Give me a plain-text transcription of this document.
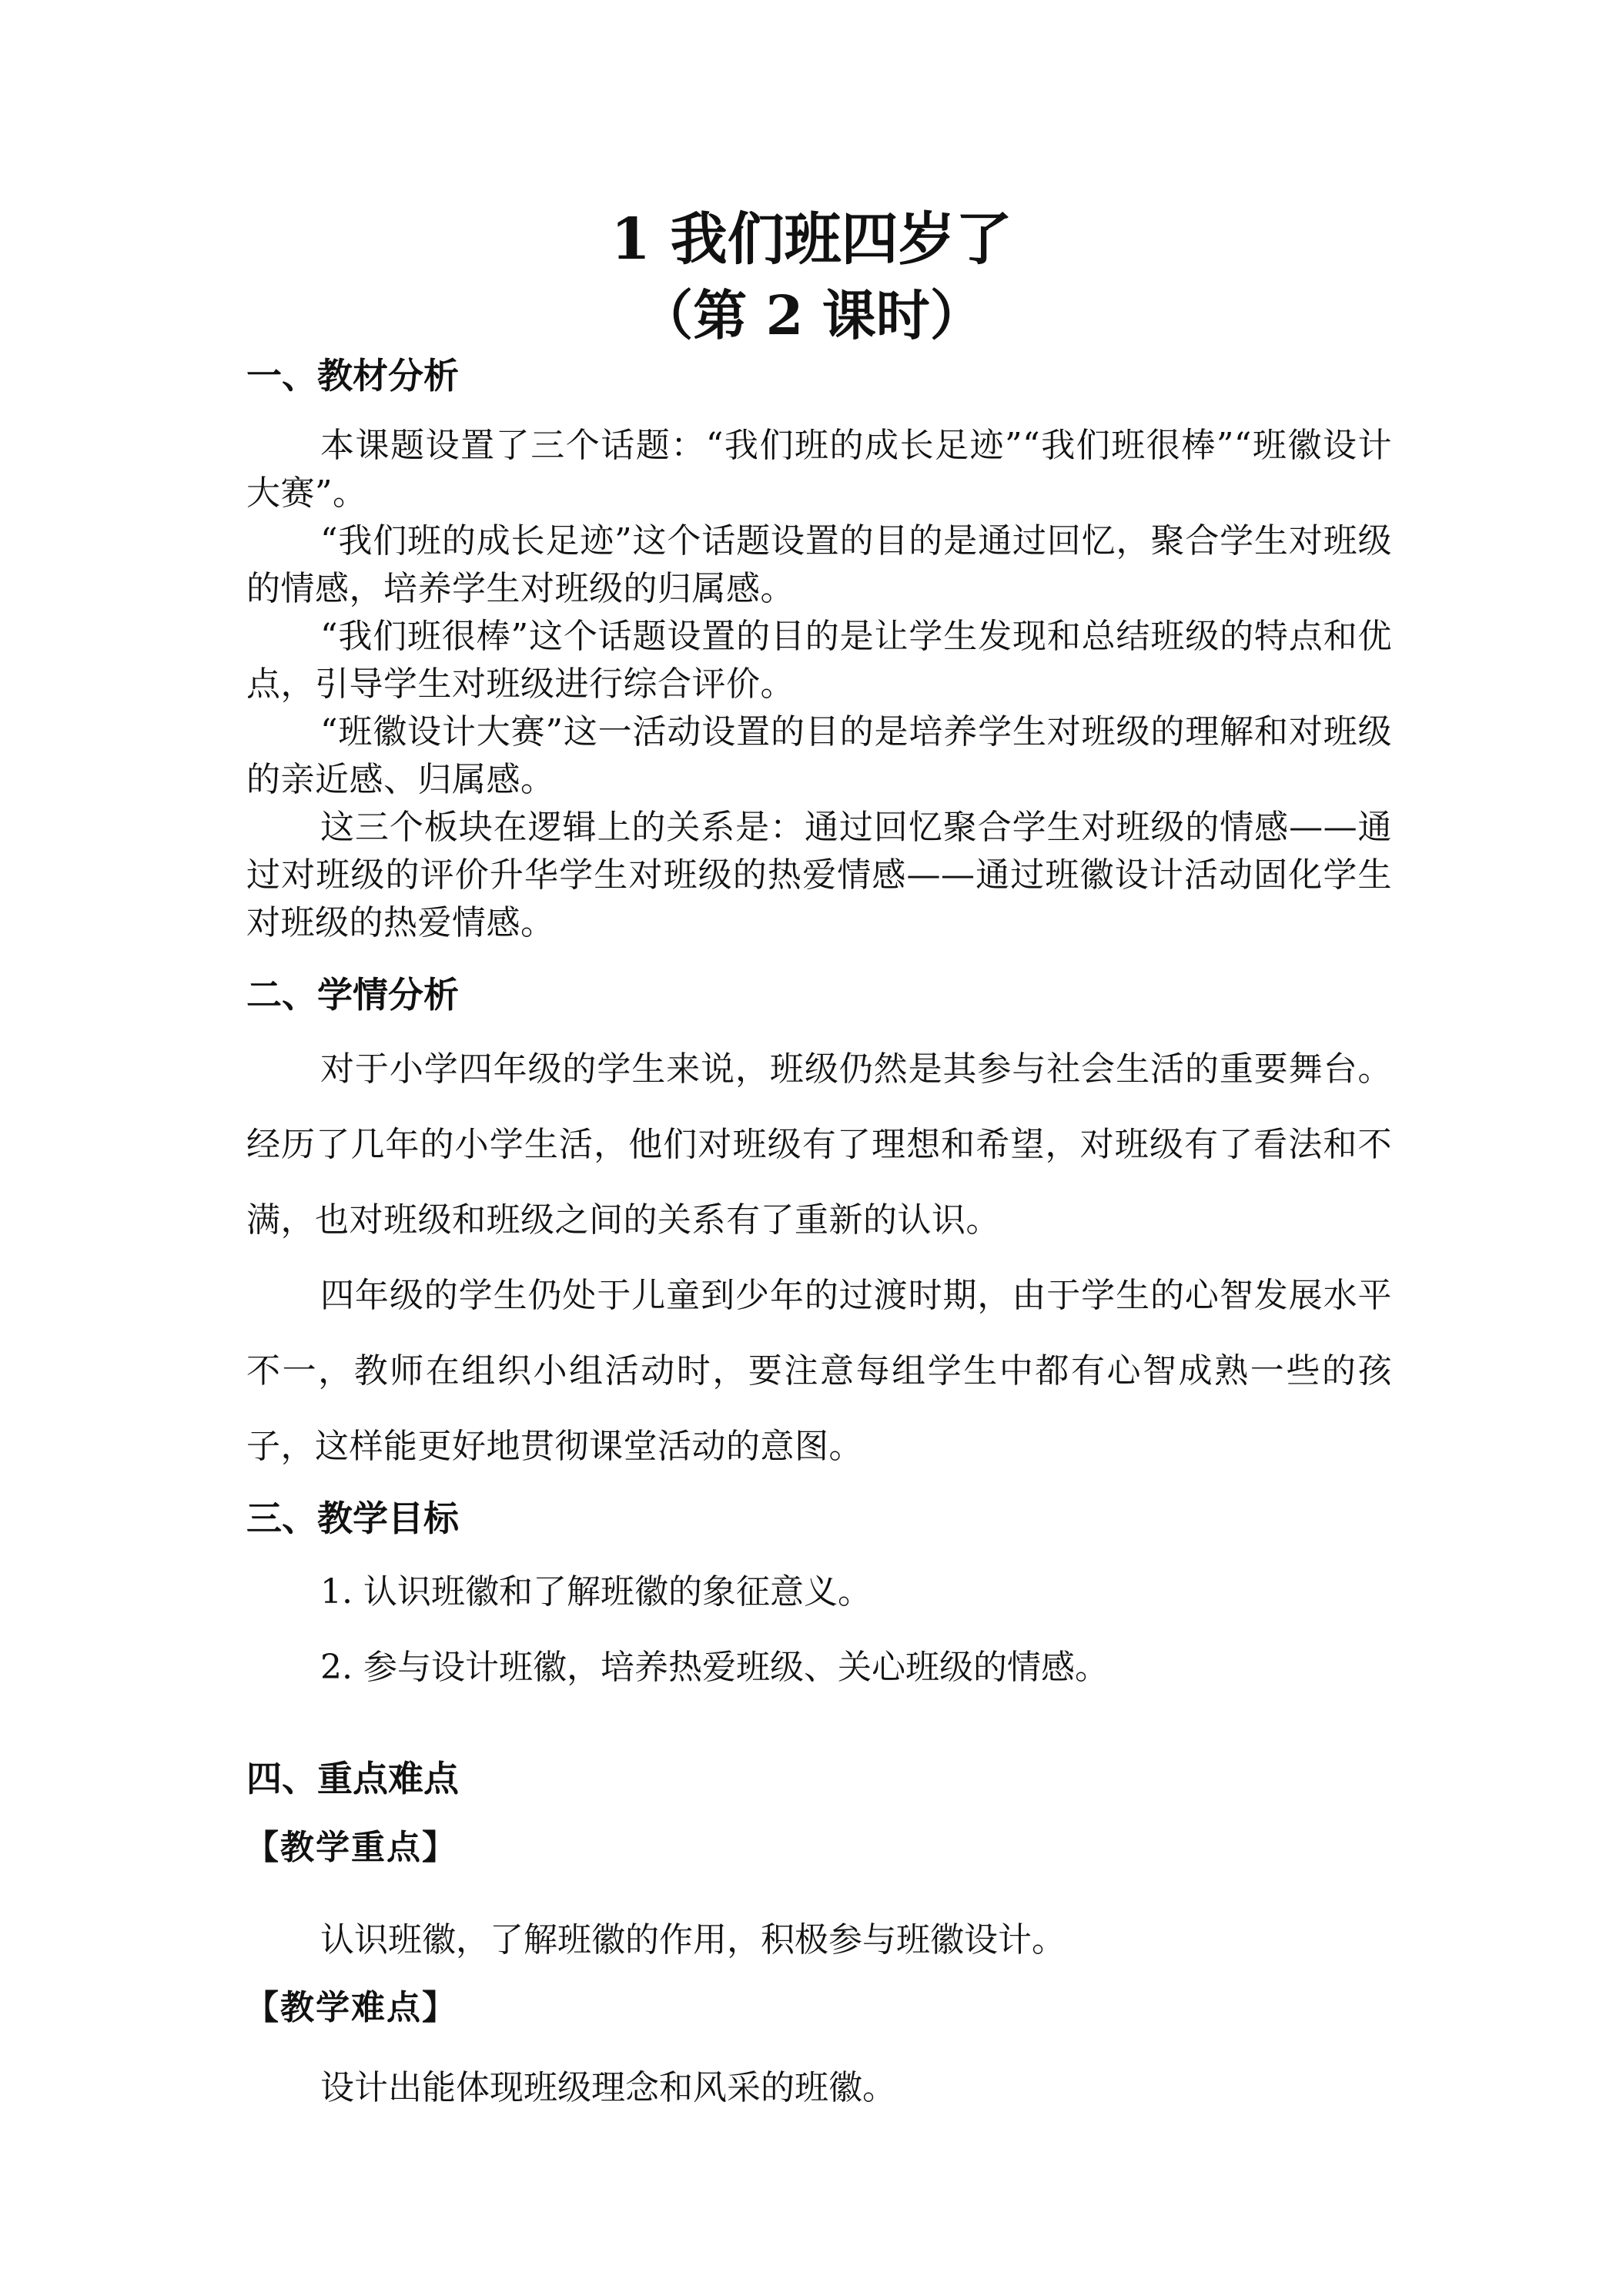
1 我们班四岁了
（第 2 课时）
一、教材分析

本课题设置了三个话题：“我们班的成长足迹”“我们班很棒”“班徽设计大赛”。

“我们班的成长足迹”这个话题设置的目的是通过回忆，聚合学生对班级的情感，培养学生对班级的归属感。

“我们班很棒”这个话题设置的目的是让学生发现和总结班级的特点和优点，引导学生对班级进行综合评价。

“班徽设计大赛”这一活动设置的目的是培养学生对班级的理解和对班级的亲近感、归属感。

这三个板块在逻辑上的关系是：通过回忆聚合学生对班级的情感——通过对班级的评价升华学生对班级的热爱情感——通过班徽设计活动固化学生对班级的热爱情感。

二、学情分析

对于小学四年级的学生来说，班级仍然是其参与社会生活的重要舞台。经历了几年的小学生活，他们对班级有了理想和希望，对班级有了看法和不满，也对班级和班级之间的关系有了重新的认识。

四年级的学生仍处于儿童到少年的过渡时期，由于学生的心智发展水平不一，教师在组织小组活动时，要注意每组学生中都有心智成熟一些的孩子，这样能更好地贯彻课堂活动的意图。

三、教学目标
1. 认识班徽和了解班徽的象征意义。
2. 参与设计班徽，培养热爱班级、关心班级的情感。
四、重点难点
【教学重点】
认识班徽，了解班徽的作用，积极参与班徽设计。
【教学难点】
设计出能体现班级理念和风采的班徽。
